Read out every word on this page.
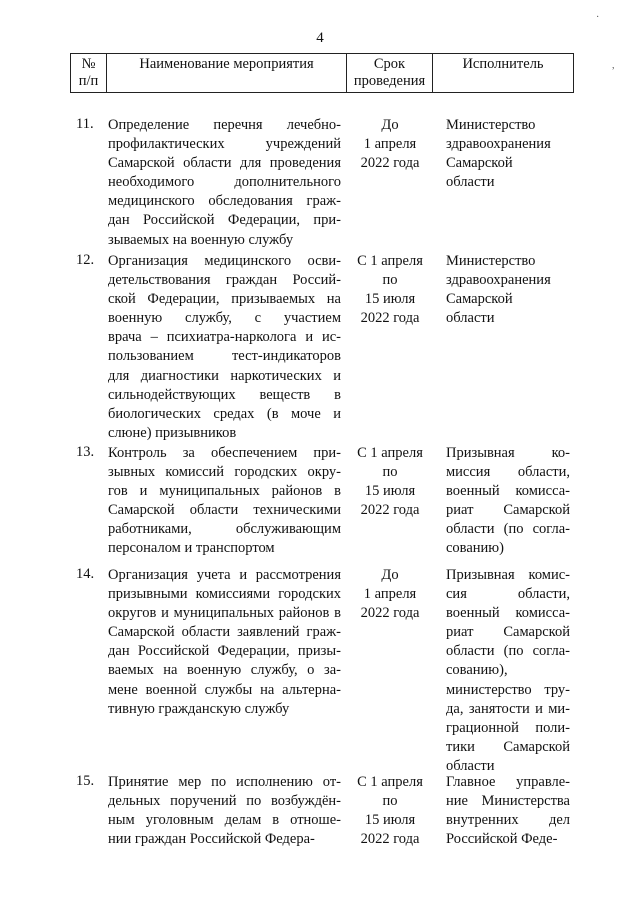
4
№
п/п
Наименование мероприятия	Срок
проведения
Исполнитель
11. Определение перечня лечебно-
профилактических учреждений
Самарской области для проведения
необходимого дополнительного
медицинского обследования граж-
дан Российской Федерации, при-
зываемых на военную службу
До
1 апреля
2022 года
Министерство
здравоохранения
Самарской
области
12. Организация медицинского осви-
детельствования граждан Россий-
ской Федерации, призываемых на
военную службу, с участием
врача – психиатра-нарколога и ис-
пользованием тест-индикаторов
для диагностики наркотических и
сильнодействующих веществ в
биологических средах (в моче и
слюне) призывников
С 1 апреля
по
15 июля
2022 года
Министерство
здравоохранения
Самарской
области
13. Контроль за обеспечением при-
зывных комиссий городских окру-
гов и муниципальных районов в
Самарской области техническими
работниками, обслуживающим
персоналом и транспортом
С 1 апреля
по
15 июля
2022 года
Призывная ко-
миссия области,
военный комисса-
риат Самарской
области (по согла-
сованию)
14. Организация учета и рассмотрения
призывными комиссиями городских
округов и муниципальных районов в
Самарской области заявлений граж-
дан Российской Федерации, призы-
ваемых на военную службу, о за-
мене военной службы на альтерна-
тивную гражданскую службу
До
1 апреля
2022 года
Призывная комис-
сия области,
военный комисса-
риат Самарской
области (по согла-
сованию),
министерство тру-
да, занятости и ми-
грационной поли-
тики Самарской
области
15. Принятие мер по исполнению от-
дельных поручений по возбуждён-
ным уголовным делам в отноше-
нии граждан Российской Федера-
С 1 апреля
по
15 июля
2022 года
Главное управле-
ние Министерства
внутренних дел
Российской Феде-
·
,
